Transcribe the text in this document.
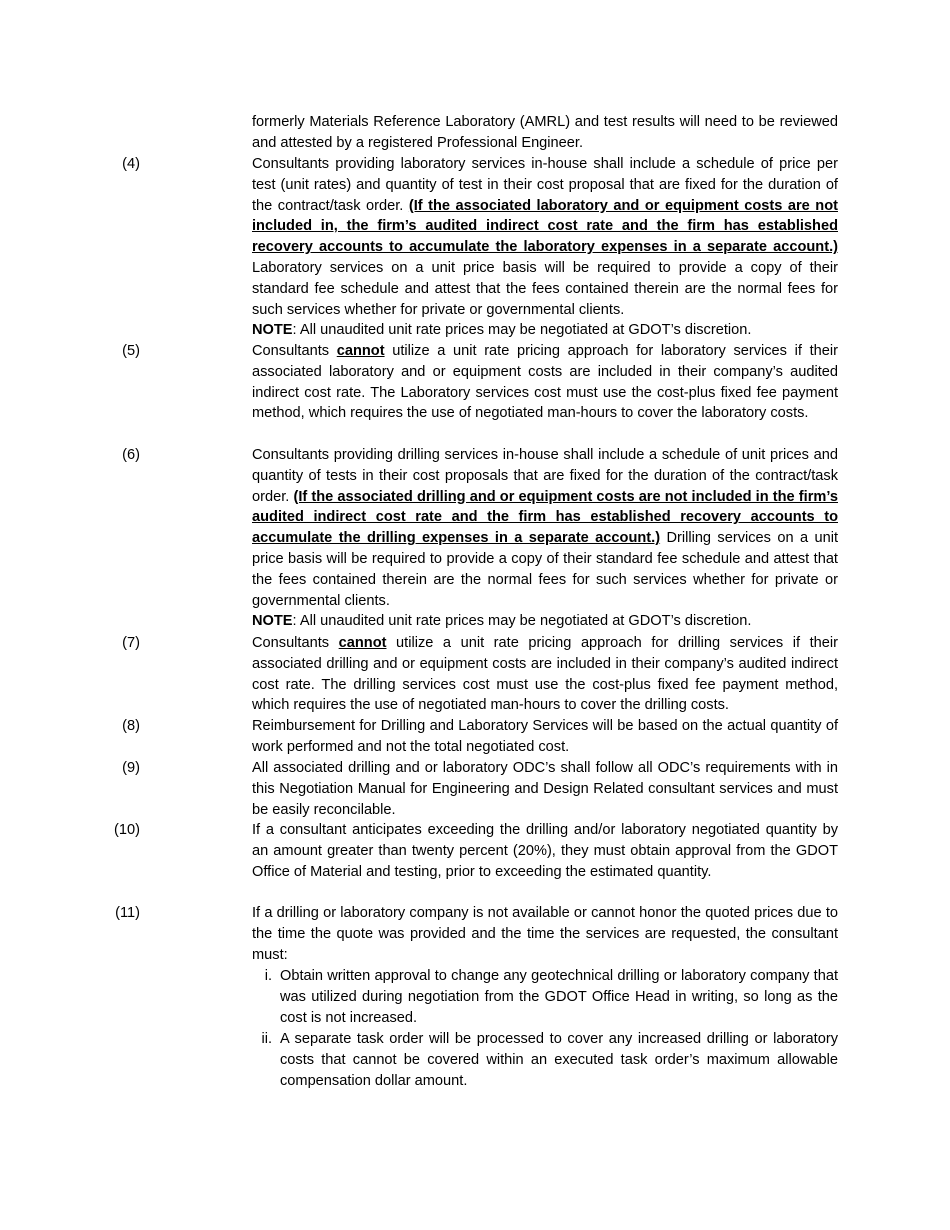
formerly Materials Reference Laboratory (AMRL) and test results will need to be reviewed and attested by a registered Professional Engineer.
(4)	Consultants providing laboratory services in-house shall include a schedule of price per test (unit rates) and quantity of test in their cost proposal that are fixed for the duration of the contract/task order. (If the associated laboratory and or equipment costs are not included in, the firm’s audited indirect cost rate and the firm has established recovery accounts to accumulate the laboratory expenses in a separate account.) Laboratory services on a unit price basis will be required to provide a copy of their standard fee schedule and attest that the fees contained therein are the normal fees for such services whether for private or governmental clients.
NOTE: All unaudited unit rate prices may be negotiated at GDOT’s discretion.
(5)	Consultants cannot utilize a unit rate pricing approach for laboratory services if their associated laboratory and or equipment costs are included in their company’s audited indirect cost rate. The Laboratory services cost must use the cost-plus fixed fee payment method, which requires the use of negotiated man-hours to cover the laboratory costs.
(6)	Consultants providing drilling services in-house shall include a schedule of unit prices and quantity of tests in their cost proposals that are fixed for the duration of the contract/task order. (If the associated drilling and or equipment costs are not included in the firm’s audited indirect cost rate and the firm has established recovery accounts to accumulate the drilling expenses in a separate account.) Drilling services on a unit price basis will be required to provide a copy of their standard fee schedule and attest that the fees contained therein are the normal fees for such services whether for private or governmental clients.
NOTE: All unaudited unit rate prices may be negotiated at GDOT’s discretion.
(7)	Consultants cannot utilize a unit rate pricing approach for drilling services if their associated drilling and or equipment costs are included in their company’s audited indirect cost rate. The drilling services cost must use the cost-plus fixed fee payment method, which requires the use of negotiated man-hours to cover the drilling costs.
(8)	Reimbursement for Drilling and Laboratory Services will be based on the actual quantity of work performed and not the total negotiated cost.
(9)	All associated drilling and or laboratory ODC’s shall follow all ODC’s requirements with in this Negotiation Manual for Engineering and Design Related consultant services and must be easily reconcilable.
(10)	If a consultant anticipates exceeding the drilling and/or laboratory negotiated quantity by an amount greater than twenty percent (20%), they must obtain approval from the GDOT Office of Material and testing, prior to exceeding the estimated quantity.
(11)	If a drilling or laboratory company is not available or cannot honor the quoted prices due to the time the quote was provided and the time the services are requested, the consultant must:
i. Obtain written approval to change any geotechnical drilling or laboratory company that was utilized during negotiation from the GDOT Office Head in writing, so long as the cost is not increased.
ii. A separate task order will be processed to cover any increased drilling or laboratory costs that cannot be covered within an executed task order’s maximum allowable compensation dollar amount.
